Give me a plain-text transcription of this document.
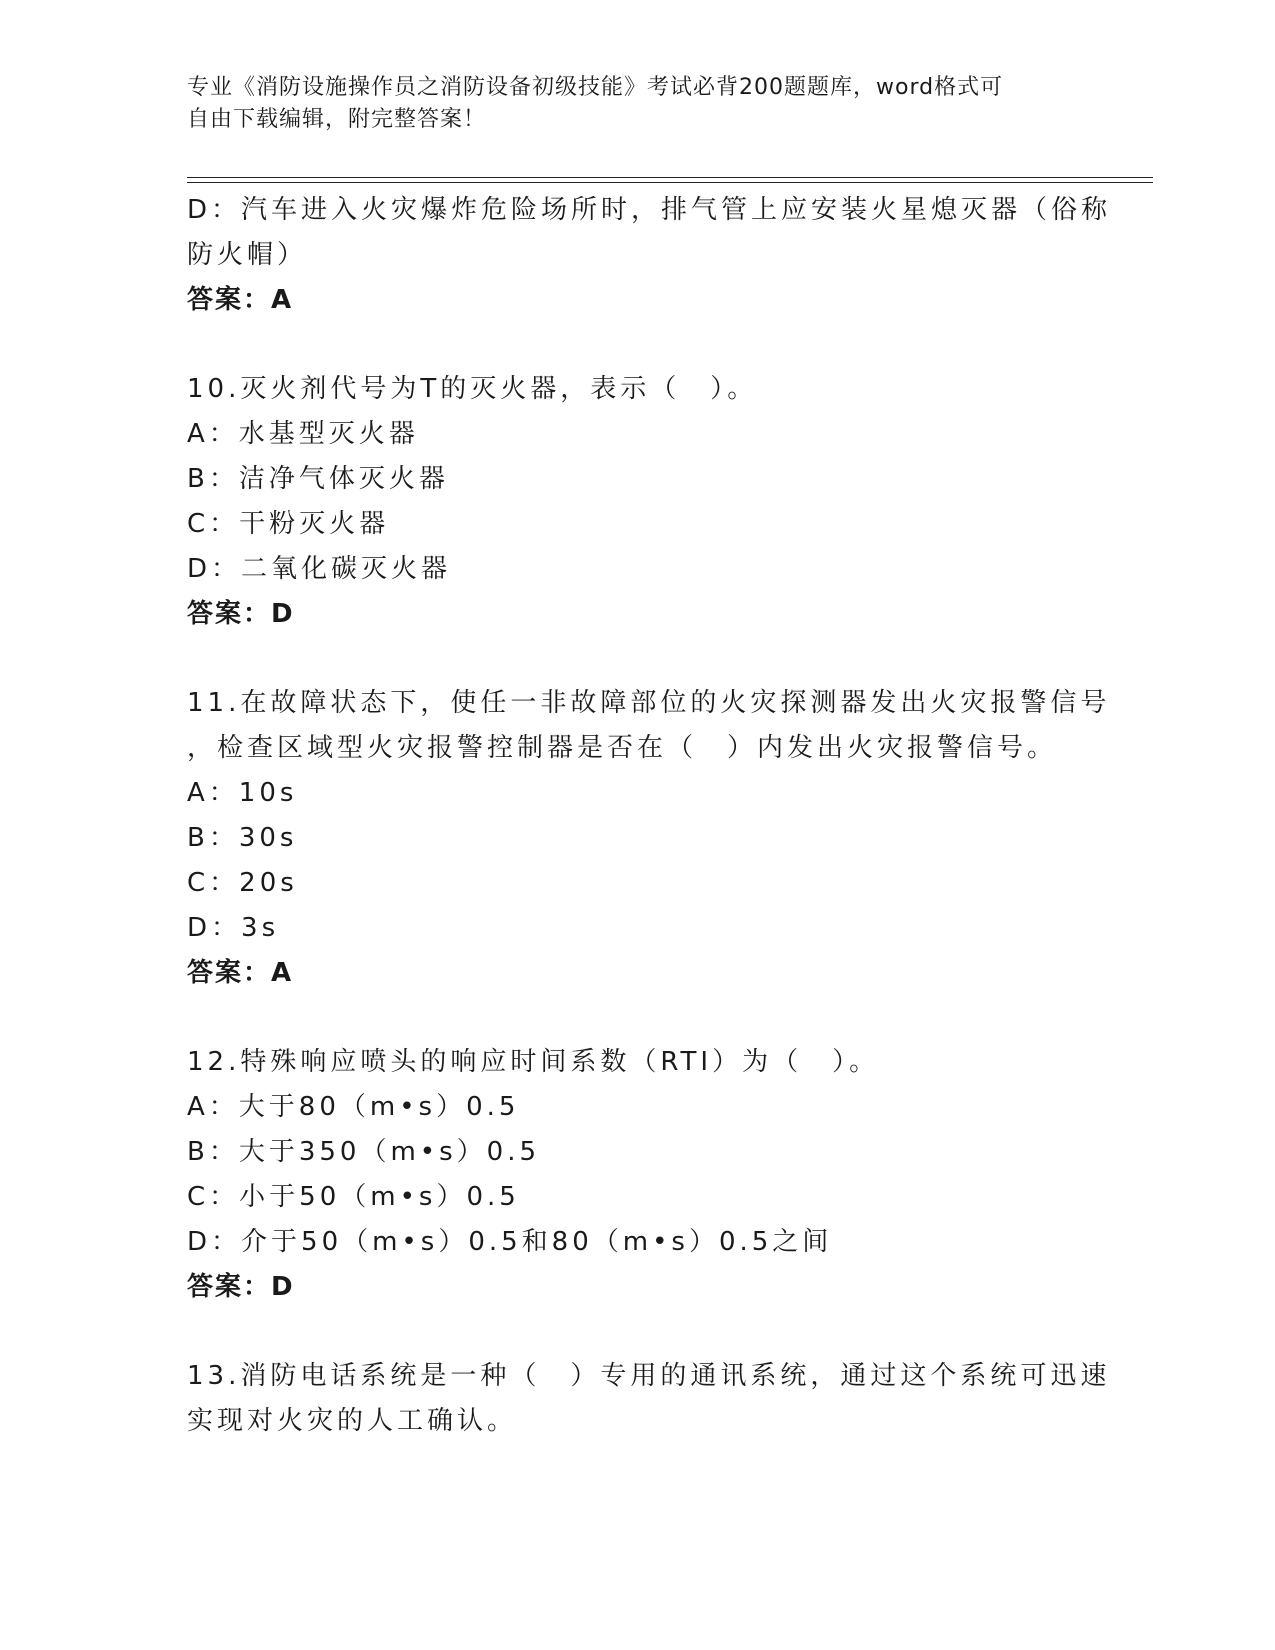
专业《消防设施操作员之消防设备初级技能》考试必背200题题库，word格式可
自由下载编辑，附完整答案！
D：汽车进入火灾爆炸危险场所时，排气管上应安装火星熄灭器（俗称
防火帽）
答案：A
10.灭火剂代号为T的灭火器，表示（　）。
A：水基型灭火器
B：洁净气体灭火器
C：干粉灭火器
D：二氧化碳灭火器
答案：D
11.在故障状态下，使任一非故障部位的火灾探测器发出火灾报警信号
，检查区域型火灾报警控制器是否在（　）内发出火灾报警信号。
A：10s
B：30s
C：20s
D：3s
答案：A
12.特殊响应喷头的响应时间系数（RTI）为（　）。
A：大于80（m•s）0.5
B：大于350（m•s）0.5
C：小于50（m•s）0.5
D：介于50（m•s）0.5和80（m•s）0.5之间
答案：D
13.消防电话系统是一种（　）专用的通讯系统，通过这个系统可迅速
实现对火灾的人工确认。
